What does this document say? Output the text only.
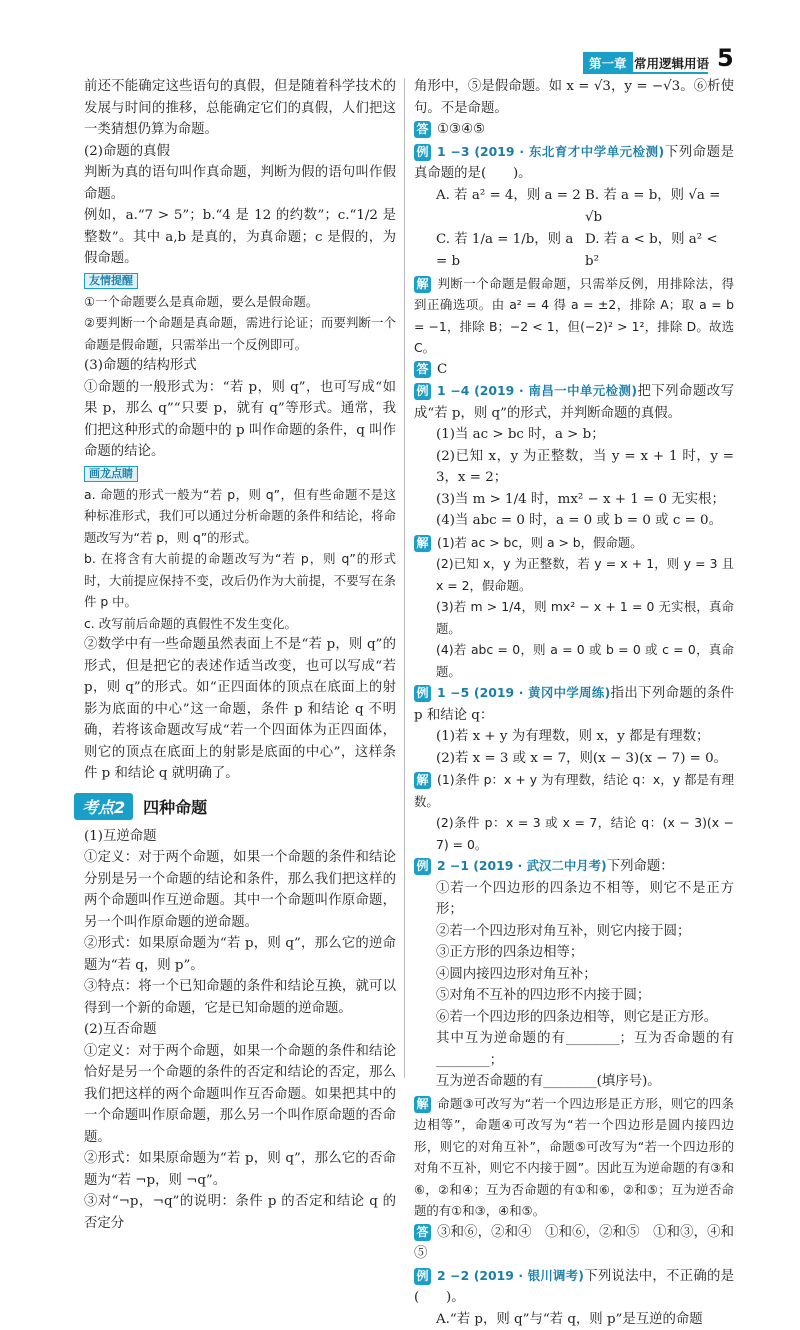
第一章 常用逻辑用语 5

前还不能确定这些语句的真假，但是随着科学技术的发展与时间的推移，总能确定它们的真假，人们把这一类猜想仍算为命题。

(2)命题的真假

判断为真的语句叫作真命题，判断为假的语句叫作假命题。

例如，a.“7 > 5”；b.“4 是 12 的约数”；c.“1/2 是整数”。其中 a,b 是真的，为真命题；c 是假的，为假命题。

友情提醒

①一个命题要么是真命题，要么是假命题。

②要判断一个命题是真命题，需进行论证；而要判断一个命题是假命题，只需举出一个反例即可。

(3)命题的结构形式

①命题的一般形式为：“若 p，则 q”，也可写成“如果 p，那么 q”“只要 p，就有 q”等形式。通常，我们把这种形式的命题中的 p 叫作命题的条件，q 叫作命题的结论。

画龙点睛

a. 命题的形式一般为“若 p，则 q”，但有些命题不是这种标准形式，我们可以通过分析命题的条件和结论，将命题改写为“若 p，则 q”的形式。

b. 在将含有大前提的命题改写为“若 p，则 q”的形式时，大前提应保持不变，改后仍作为大前提，不要写在条件 p 中。

c. 改写前后命题的真假性不发生变化。

②数学中有一些命题虽然表面上不是“若 p，则 q”的形式，但是把它的表述作适当改变，也可以写成“若 p，则 q”的形式。如“正四面体的顶点在底面上的射影为底面的中心”这一命题，条件 p 和结论 q 不明确，若将该命题改写成“若一个四面体为正四面体，则它的顶点在底面上的射影是底面的中心”，这样条件 p 和结论 q 就明确了。

考点2	四种命题

(1)互逆命题

①定义：对于两个命题，如果一个命题的条件和结论分别是另一个命题的结论和条件，那么我们把这样的两个命题叫作互逆命题。其中一个命题叫作原命题，另一个叫作原命题的逆命题。

②形式：如果原命题为“若 p，则 q”，那么它的逆命题为“若 q，则 p”。

③特点：将一个已知命题的条件和结论互换，就可以得到一个新的命题，它是已知命题的逆命题。

(2)互否命题

①定义：对于两个命题，如果一个命题的条件和结论恰好是另一个命题的条件的否定和结论的否定，那么我们把这样的两个命题叫作互否命题。如果把其中的一个命题叫作原命题，那么另一个叫作原命题的否命题。

②形式：如果原命题为“若 p，则 q”，那么它的否命题为“若 ¬p，则 ¬q”。

③对“¬p，¬q”的说明：条件 p 的否定和结论 q 的否定分

角形中，⑤是假命题。如 x = √3，y = −√3。⑥析使句。不是命题。

答 ①③④⑤

例 1 −3 (2019 · 东北育才中学单元检测)下列命题是真命题的是(　　)。

A. 若 a² = 4，则 a = 2 B. 若 a = b，则 √a = √b
C. 若 1/a = 1/b，则 a = b
D. 若 a < b，则 a² < b²

解 判断一个命题是假命题，只需举反例，用排除法，得到正确选项。由 a² = 4 得 a = ±2，排除 A；取 a = b = −1，排除 B；−2 < 1，但(−2)² > 1²，排除 D。故选 C。

答 C

例 1 −4 (2019 · 南昌一中单元检测)把下列命题改写成“若 p，则 q”的形式，并判断命题的真假。

(1)当 ac > bc 时，a > b；

(2)已知 x，y 为正整数，当 y = x + 1 时，y = 3，x = 2；

(3)当 m > 1/4 时，mx² − x + 1 = 0 无实根；

(4)当 abc = 0 时，a = 0 或 b = 0 或 c = 0。

解 (1)若 ac > bc，则 a > b，假命题。

(2)已知 x，y 为正整数，若 y = x + 1，则 y = 3 且 x = 2，假命题。

(3)若 m > 1/4，则 mx² − x + 1 = 0 无实根，真命题。

(4)若 abc = 0，则 a = 0 或 b = 0 或 c = 0，真命题。

例 1 −5 (2019 · 黄冈中学周练)指出下列命题的条件 p 和结论 q：

(1)若 x + y 为有理数，则 x，y 都是有理数；

(2)若 x = 3 或 x = 7，则(x − 3)(x − 7) = 0。

解 (1)条件 p：x + y 为有理数，结论 q：x，y 都是有理数。

(2)条件 p：x = 3 或 x = 7，结论 q：(x − 3)(x − 7) = 0。

例 2 −1 (2019 · 武汉二中月考)下列命题：

①若一个四边形的四条边不相等，则它不是正方形；

②若一个四边形对角互补，则它内接于圆；

③正方形的四条边相等；

④圆内接四边形对角互补；

⑤对角不互补的四边形不内接于圆；

⑥若一个四边形的四条边相等，则它是正方形。

其中互为逆命题的有________；互为否命题的有________；

互为逆否命题的有________(填序号)。

解 命题③可改写为“若一个四边形是正方形，则它的四条边相等”，命题④可改写为“若一个四边形是圆内接四边形，则它的对角互补”，命题⑤可改写为“若一个四边形的对角不互补，则它不内接于圆”。因此互为逆命题的有③和⑥，②和④；互为否命题的有①和⑥，②和⑤；互为逆否命题的有①和③，④和⑤。

答 ③和⑥，②和④　①和⑥，②和⑤　①和③，④和⑤

例 2 −2 (2019 · 银川调考)下列说法中，不正确的是(　　)。

A.“若 p，则 q”与“若 q，则 p”是互逆的命题
